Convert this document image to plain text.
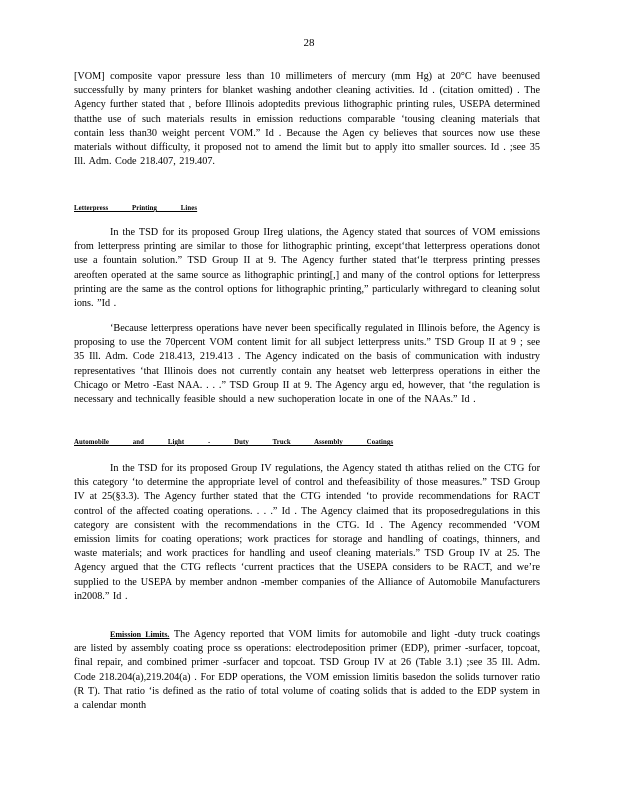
28

[VOM] composite vapor pressure less than 10 millimeters of mercury (mm Hg) at 20°C have beenused successfully by many printers for blanket washing andother cleaning activities. Id . (citation omitted) . The Agency further stated that , before Illinois adoptedits previous lithographic printing rules, USEPA determined thatthe use of such materials results in emission reductions comparable ‘tousing cleaning materials that contain less than30 weight percent VOM.” Id . Because the Agen cy believes that sources now use these materials without difficulty, it proposed not to amend the limit but to apply itto smaller sources. Id . ;see 35 Ill. Adm. Code 218.407, 219.407.

Letterpress Printing Lines

In the TSD for its proposed Group IIreg ulations, the Agency stated that sources of VOM emissions from letterpress printing are similar to those for lithographic printing, except‘that letterpress operations donot use a fountain solution.” TSD Group II at 9. The Agency further stated that‘le tterpress printing presses areoften operated at the same source as lithographic printing[,] and many of the control options for letterpress printing are the same as the control options for lithographic printing,” particularly withregard to cleaning solut ions. ”Id .

‘Because letterpress operations have never been specifically regulated in Illinois before, the Agency is proposing to use the 70percent VOM content limit for all subject letterpress units.” TSD Group II at 9 ; see 35 Ill. Adm. Code 218.413, 219.413 . The Agency indicated on the basis of communication with industry representatives ‘that Illinois does not currently contain any heatset web letterpress operations in either the Chicago or Metro -East NAA. . . .” TSD Group II at 9. The Agency argu ed, however, that ‘the regulation is necessary and technically feasible should a new suchoperation locate in one of the NAAs.” Id .

Automobile and Light - Duty Truck Assembly Coatings

In the TSD for its proposed Group IV regulations, the Agency stated th atithas relied on the CTG for this category ‘to determine the appropriate level of control and thefeasibility of those measures.” TSD Group IV at 25(§3.3). The Agency further stated that the CTG intended ‘to provide recommendations for RACT control of the affected coating operations. . . .” Id . The Agency claimed that its proposedregulations in this category are consistent with the recommendations in the CTG. Id . The Agency recommended ‘VOM emission limits for coating operations; work practices for storage and handling of coatings, thinners, and waste materials; and work practices for handling and useof cleaning materials.” TSD Group IV at 25. The Agency argued that the CTG reflects ‘current practices that the USEPA considers to be RACT, and we’re supplied to the USEPA by member andnon -member companies of the Alliance of Automobile Manufacturers in2008.” Id .

Emission Limits. The Agency reported that VOM limits for automobile and light -duty truck coatings are listed by assembly coating proce ss operations: electrodeposition primer (EDP), primer -surfacer, topcoat, final repair, and combined primer -surfacer and topcoat. TSD Group IV at 26 (Table 3.1) ;see 35 Ill. Adm. Code 218.204(a),219.204(a) . For EDP operations, the VOM emission limitis basedon the solids turnover ratio (R T). That ratio ‘is defined as the ratio of total volume of coating solids that is added to the EDP system in a calendar month
